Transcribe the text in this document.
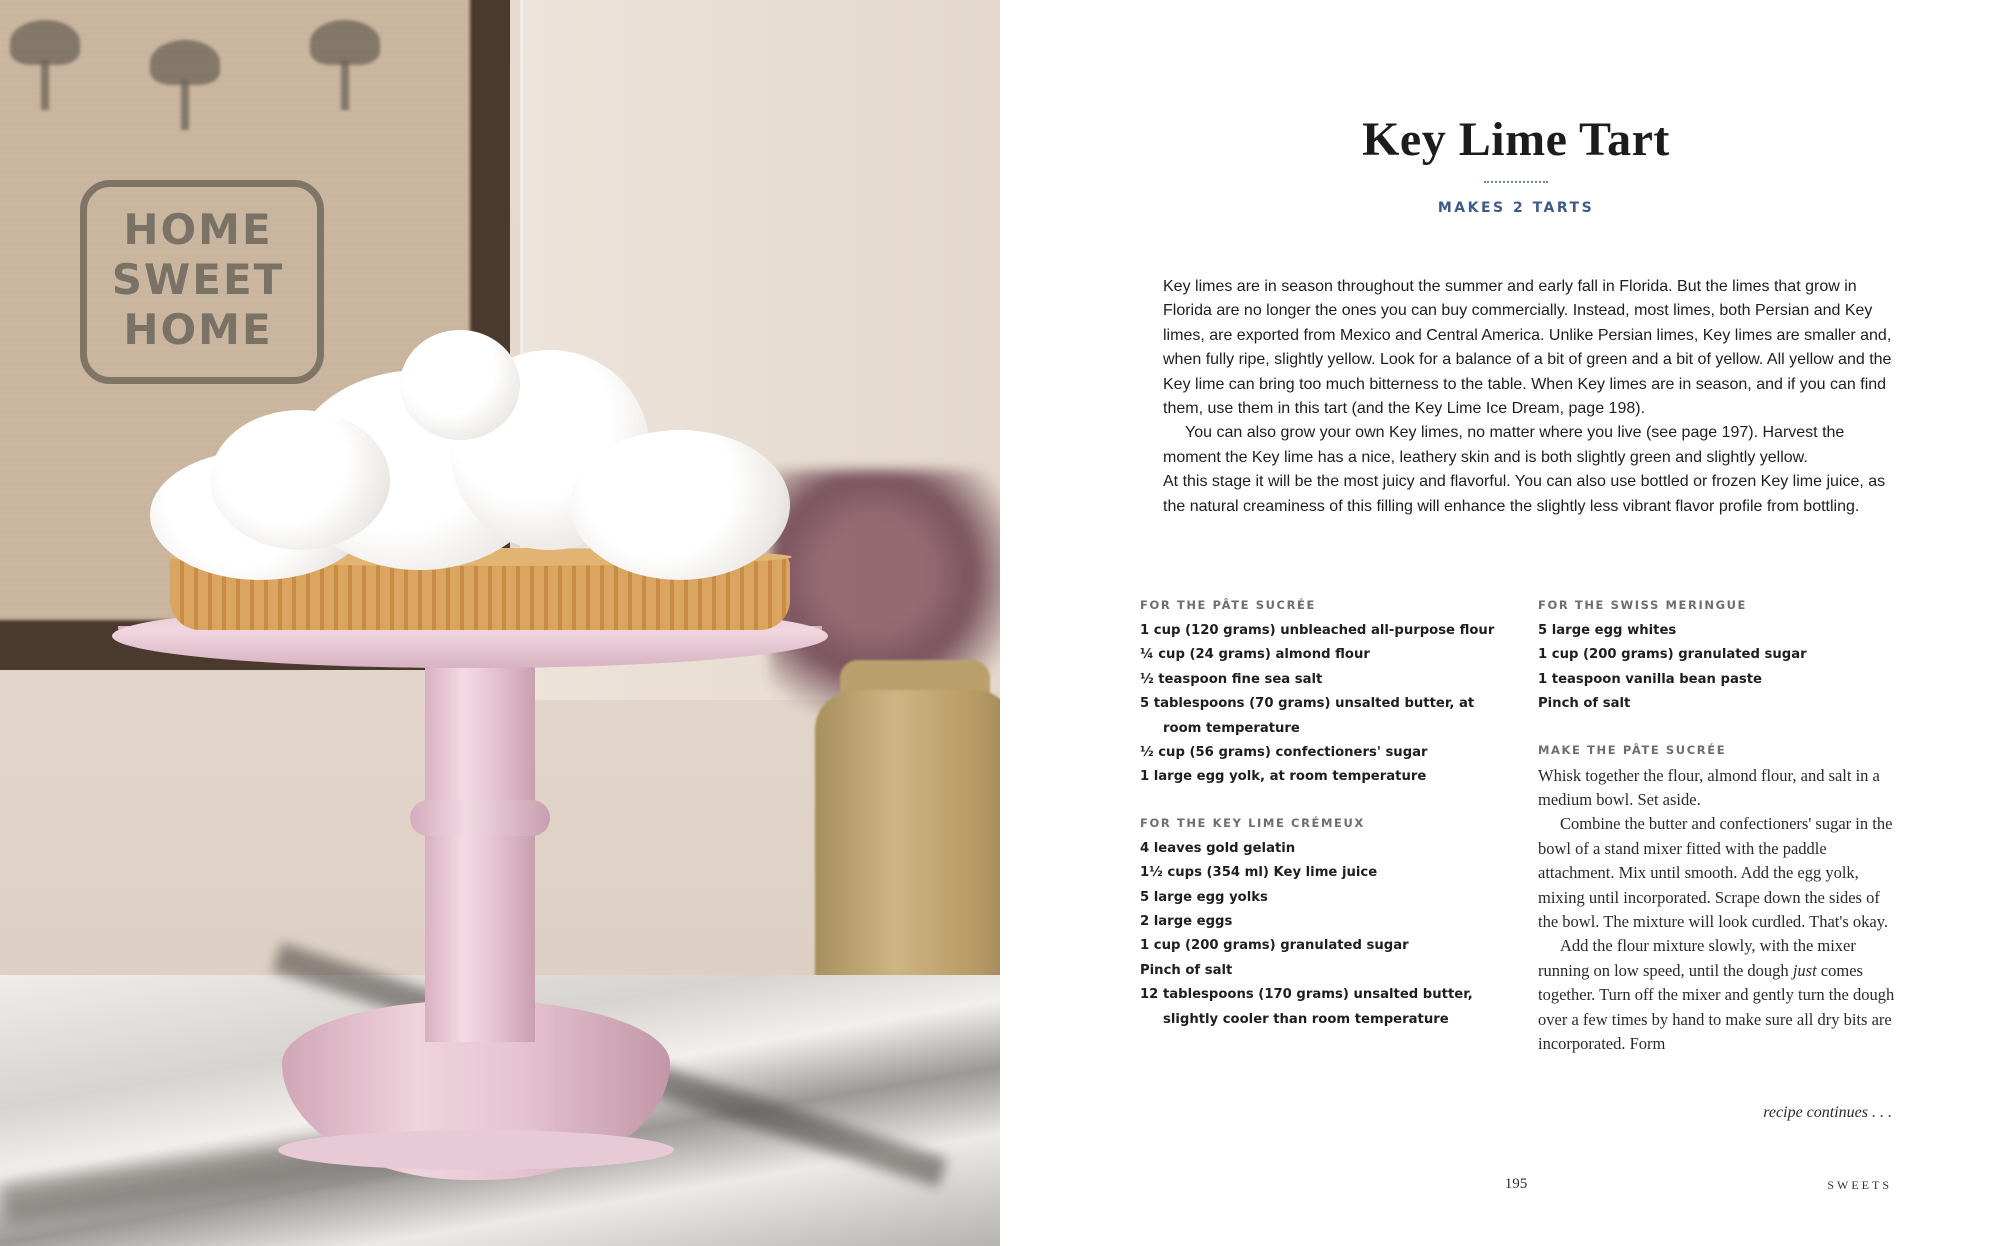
HOME
SWEET
HOME
Key Lime Tart
MAKES 2 TARTS

Key limes are in season throughout the summer and early fall in Florida. But the limes that grow in Florida are no longer the ones you can buy commercially. Instead, most limes, both Persian and Key limes, are exported from Mexico and Central America. Unlike Persian limes, Key limes are smaller and, when fully ripe, slightly yellow. Look for a balance of a bit of green and a bit of yellow. All yellow and the Key lime can bring too much bitterness to the table. When Key limes are in season, and if you can find them, use them in this tart (and the Key Lime Ice Dream, page 198).

You can also grow your own Key limes, no matter where you live (see page 197). Harvest the moment the Key lime has a nice, leathery skin and is both slightly green and slightly yellow.

At this stage it will be the most juicy and flavorful. You can also use bottled or frozen Key lime juice, as the natural creaminess of this filling will enhance the slightly less vibrant flavor profile from bottling.

FOR THE PÂTE SUCRÉE

1 cup (120 grams) unbleached all-purpose flour

¼ cup (24 grams) almond flour

½ teaspoon fine sea salt

5 tablespoons (70 grams) unsalted butter, at room temperature

½ cup (56 grams) confectioners' sugar

1 large egg yolk, at room temperature

FOR THE KEY LIME CRÉMEUX

4 leaves gold gelatin

1½ cups (354 ml) Key lime juice

5 large egg yolks

2 large eggs

1 cup (200 grams) granulated sugar

Pinch of salt

12 tablespoons (170 grams) unsalted butter, slightly cooler than room temperature

FOR THE SWISS MERINGUE

5 large egg whites

1 cup (200 grams) granulated sugar

1 teaspoon vanilla bean paste

Pinch of salt

MAKE THE PÂTE SUCRÉE

Whisk together the flour, almond flour, and salt in a medium bowl. Set aside.

Combine the butter and confectioners' sugar in the bowl of a stand mixer fitted with the paddle attachment. Mix until smooth. Add the egg yolk, mixing until incorporated. Scrape down the sides of the bowl. The mixture will look curdled. That's okay.

Add the flour mixture slowly, with the mixer running on low speed, until the dough just comes together. Turn off the mixer and gently turn the dough over a few times by hand to make sure all dry bits are incorporated. Form

recipe continues . . .
195	SWEETS
